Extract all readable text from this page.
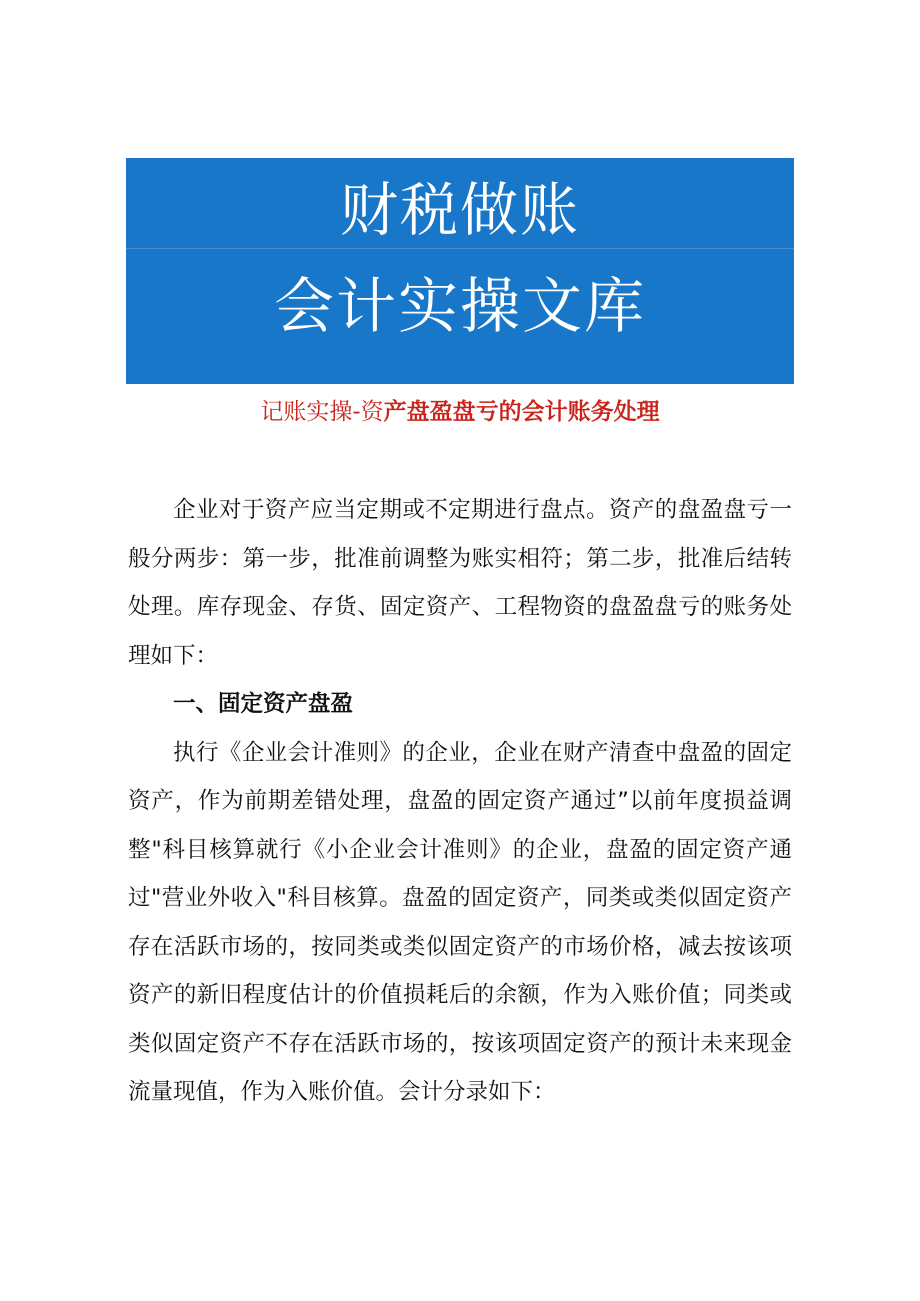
财税做账
会计实操文库
记账实操-资产盘盈盘亏的会计账务处理

企业对于资产应当定期或不定期进行盘点。资产的盘盈盘亏一般分两步：第一步，批准前调整为账实相符；第二步，批准后结转处理。库存现金、存货、固定资产、工程物资的盘盈盘亏的账务处理如下：

一、固定资产盘盈

执行《企业会计准则》的企业，企业在财产清查中盘盈的固定资产，作为前期差错处理，盘盈的固定资产通过”以前年度损益调整"科目核算就行《小企业会计准则》的企业，盘盈的固定资产通过"营业外收入"科目核算。盘盈的固定资产，同类或类似固定资产存在活跃市场的，按同类或类似固定资产的市场价格，减去按该项资产的新旧程度估计的价值损耗后的余额，作为入账价值；同类或类似固定资产不存在活跃市场的，按该项固定资产的预计未来现金流量现值，作为入账价值。会计分录如下：
